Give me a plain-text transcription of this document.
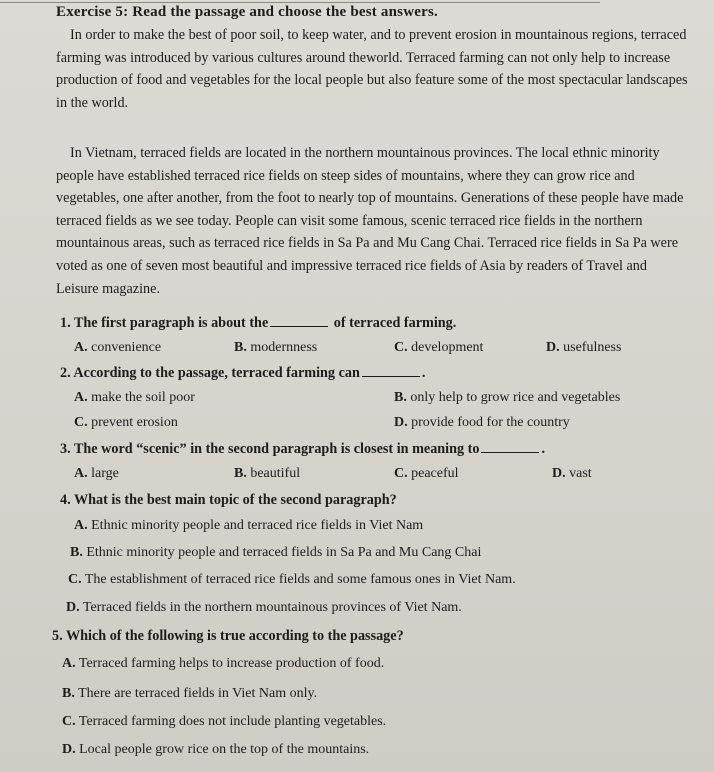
Exercise 5: Read the passage and choose the best answers.
In order to make the best of poor soil, to keep water, and to prevent erosion in mountainous regions, terraced farming was introduced by various cultures around theworld. Terraced farming can not only help to increase production of food and vegetables for the local people but also feature some of the most spectacular landscapes in the world.
In Vietnam, terraced fields are located in the northern mountainous provinces. The local ethnic minority people have established terraced rice fields on steep sides of mountains, where they can grow rice and vegetables, one after another, from the foot to nearly top of mountains. Generations of these people have made terraced fields as we see today. People can visit some famous, scenic terraced rice fields in the northern mountainous areas, such as terraced rice fields in Sa Pa and Mu Cang Chai. Terraced rice fields in Sa Pa were voted as one of seven most beautiful and impressive terraced rice fields of Asia by readers of Travel and Leisure magazine.
1. The first paragraph is about the	of terraced farming.
A. convenience	B. modernness	C. development	D. usefulness
2. According to the passage, terraced farming can	.
A. make the soil poor	B. only help to grow rice and vegetables
C. prevent erosion	D. provide food for the country
3. The word “scenic” in the second paragraph is closest in meaning to	.
A. large	B. beautiful	C. peaceful	D. vast
4. What is the best main topic of the second paragraph?
A. Ethnic minority people and terraced rice fields in Viet Nam
B. Ethnic minority people and terraced fields in Sa Pa and Mu Cang Chai
C. The establishment of terraced rice fields and some famous ones in Viet Nam.
D. Terraced fields in the northern mountainous provinces of Viet Nam.
5. Which of the following is true according to the passage?
A. Terraced farming helps to increase production of food.
B. There are terraced fields in Viet Nam only.
C. Terraced farming does not include planting vegetables.
D. Local people grow rice on the top of the mountains.
